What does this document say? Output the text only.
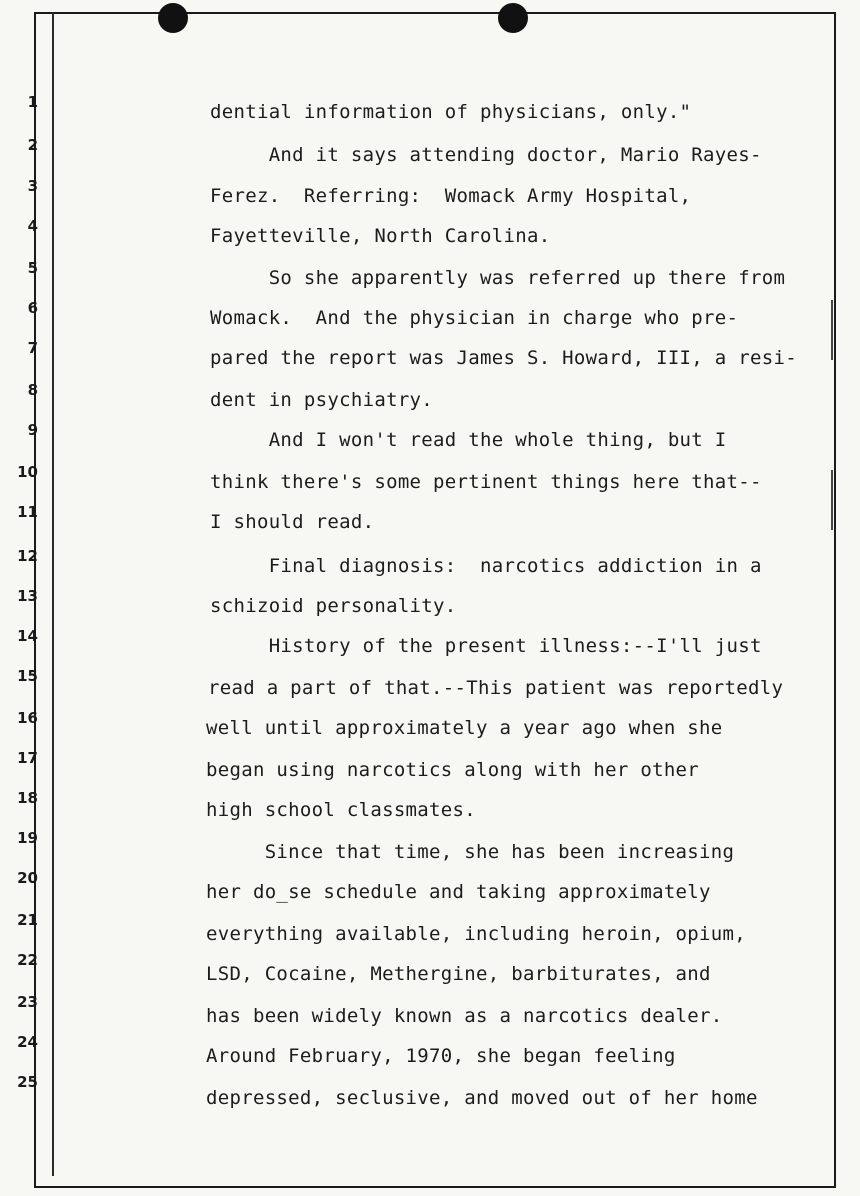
1
2
3
4
5
6
7
8
9
10
11
12
13
14
15
16
17
18
19
20
21
22
23
24
25
dential information of physicians, only."
And it says attending doctor, Mario Rayes-
Ferez.  Referring:  Womack Army Hospital,
Fayetteville, North Carolina.
So she apparently was referred up there from
Womack.  And the physician in charge who pre-
pared the report was James S. Howard, III, a resi-
dent in psychiatry.
And I won't read the whole thing, but I
think there's some pertinent things here that--
I should read.
Final diagnosis:  narcotics addiction in a
schizoid personality.
History of the present illness:--I'll just
read a part of that.--This patient was reportedly
well until approximately a year ago when she
began using narcotics along with her other
high school classmates.
Since that time, she has been increasing
her do_se schedule and taking approximately
everything available, including heroin, opium,
LSD, Cocaine, Methergine, barbiturates, and
has been widely known as a narcotics dealer.
Around February, 1970, she began feeling
depressed, seclusive, and moved out of her home
